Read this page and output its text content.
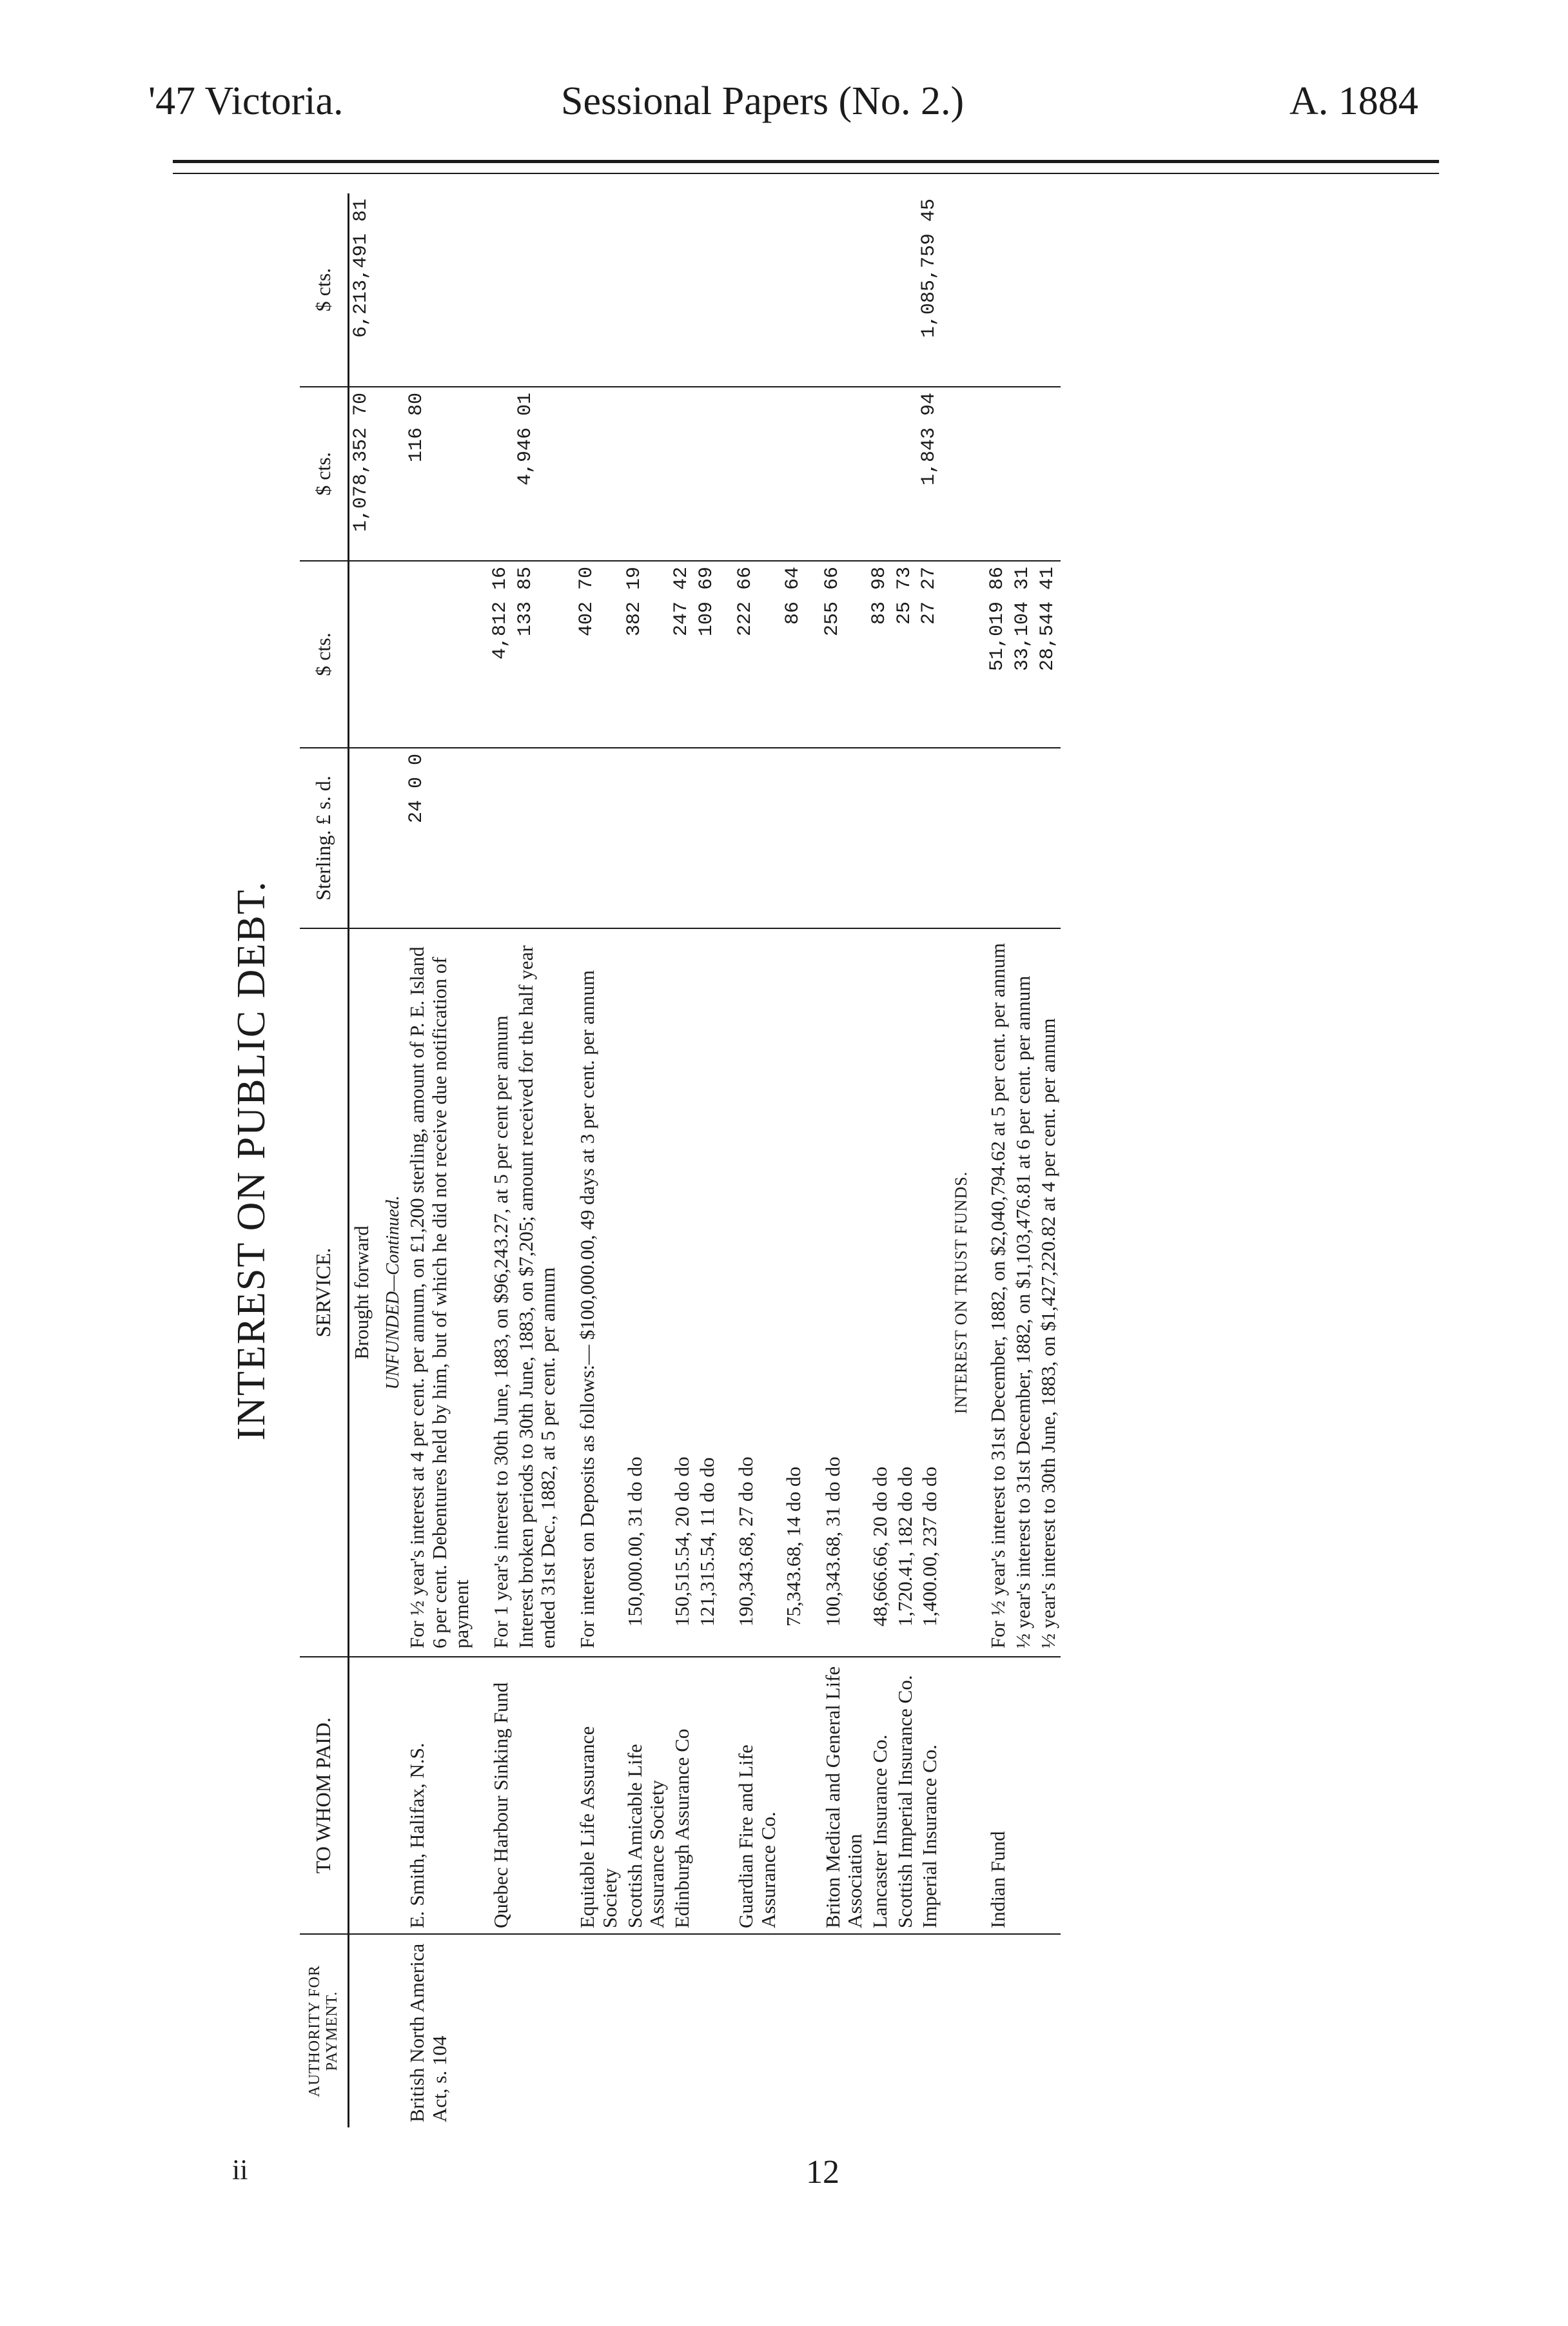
'47 Victoria.	Sessional Papers (No. 2.)	A. 1884
INTEREST ON PUBLIC DEBT.
AUTHORITY FOR PAYMENT.	TO WHOM PAID.	SERVICE.	Sterling. £ s. d.	$ cts.	$ cts.	$ cts.
		Brought forward			1,078,352 70	6,213,491 81
		UNFUNDED—Continued.				
British North America Act, s. 104	E. Smith, Halifax, N.S.	For ½ year's interest at 4 per cent. per annum, on £1,200 sterling, amount of P. E. Island 6 per cent. Debentures held by him, but of which he did not receive due notification of payment	24 0 0		116 80	
	Quebec Harbour Sinking Fund	For 1 year's interest to 30th June, 1883, on $96,243.27, at 5 per cent per annum		4,812 16		
		Interest broken periods to 30th June, 1883, on $7,205; amount received for the half year ended 31st Dec., 1882, at 5 per cent. per annum		133 85	4,946 01	
	Equitable Life Assurance Society	For interest on Deposits as follows:— $100,000.00, 49 days at 3 per cent. per annum		402 70		
	Scottish Amicable Life Assurance Society	150,000.00, 31 do do		382 19		
	Edinburgh Assurance Co	150,515.54, 20 do do		247 42		
		121,315.54, 11 do do		109 69		
	Guardian Fire and Life Assurance Co.	190,343.68, 27 do do		222 66		
		75,343.68, 14 do do		86 64		
	Briton Medical and General Life Association	100,343.68, 31 do do		255 66		
	Lancaster Insurance Co.	48,666.66, 20 do do		83 98		
	Scottish Imperial Insurance Co.	1,720.41, 182 do do		25 73		
	Imperial Insurance Co.	1,400.00, 237 do do		27 27	1,843 94	1,085,759 45
		INTEREST ON TRUST FUNDS.				
	Indian Fund	For ½ year's interest to 31st December, 1882, on $2,040,794.62 at 5 per cent. per annum		51,019 86		
		½ year's interest to 31st December, 1882, on $1,103,476.81 at 6 per cent. per annum		33,104 31		
		½ year's interest to 30th June, 1883, on $1,427,220.82 at 4 per cent. per annum		28,544 41		
ii	12
